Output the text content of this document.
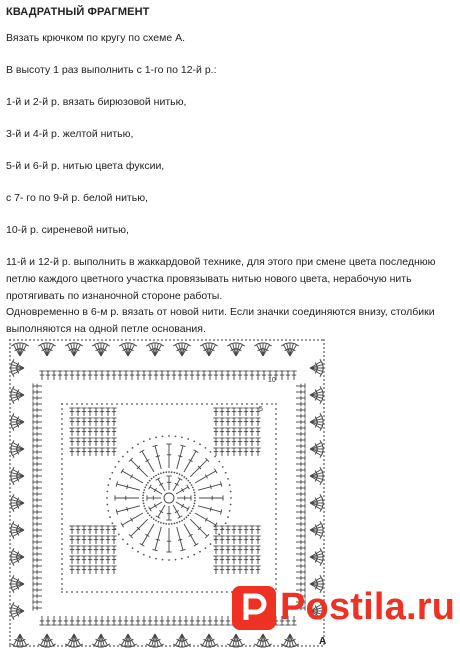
КВАДРАТНЫЙ ФРАГМЕНТ
Вязать крючком по кругу по схеме А.
В высоту 1 раз выполнить с 1-го по 12-й р.:
1-й и 2-й р. вязать бирюзовой нитью,
3-й и 4-й р. желтой нитью,
5-й и 6-й р. нитью цвета фуксии,
с 7- го по 9-й р. белой нитью,
10-й р. сиреневой нитью,
11-й и 12-й р. выполнить в жаккардовой технике, для этого при смене цвета последнюю петлю каждого цветного участка провязывать нитью нового цвета, нерабочую нить протягивать по изнаночной стороне работы.
Одновременно в 6-м р. вязать от новой нити. Если значки соединяются внизу, столбики выполняются на одной петле основания.
10
5
A
Postila.ru
